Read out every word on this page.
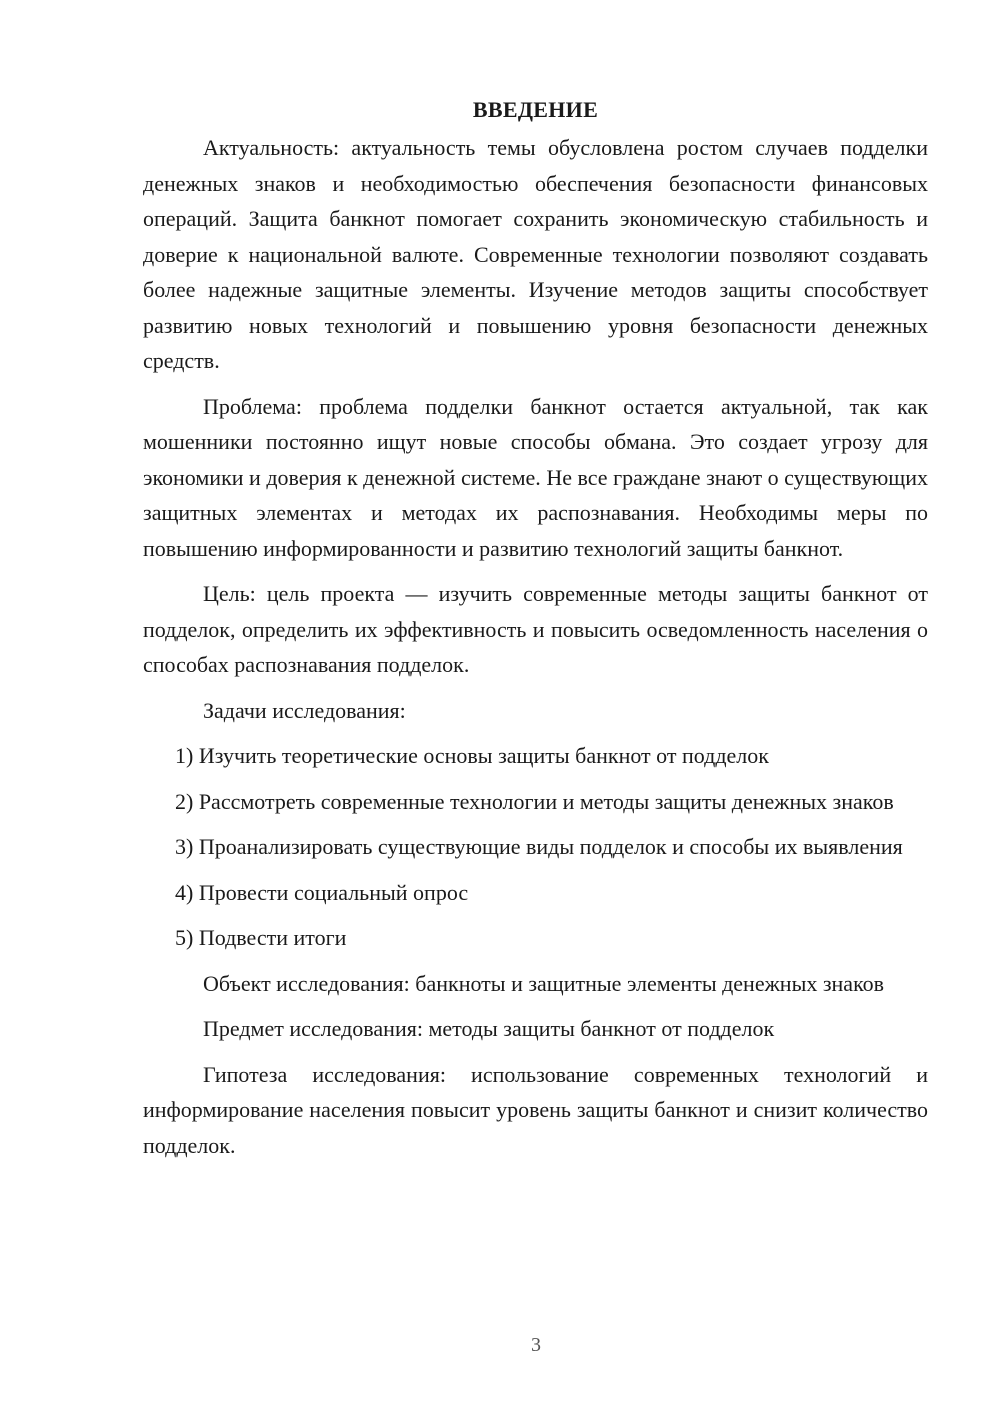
ВВЕДЕНИЕ

Актуальность: актуальность темы обусловлена ростом случаев подделки денежных знаков и необходимостью обеспечения безопасности финансовых операций. Защита банкнот помогает сохранить экономическую стабильность и доверие к национальной валюте. Современные технологии позволяют создавать более надежные защитные элементы. Изучение методов защиты способствует развитию новых технологий и повышению уровня безопасности денежных средств.

Проблема: проблема подделки банкнот остается актуальной, так как мошенники постоянно ищут новые способы обмана. Это создает угрозу для экономики и доверия к денежной системе. Не все граждане знают о существующих защитных элементах и методах их распознавания. Необходимы меры по повышению информированности и развитию технологий защиты банкнот.

Цель: цель проекта — изучить современные методы защиты банкнот от подделок, определить их эффективность и повысить осведомленность населения о способах распознавания подделок.

Задачи исследования:

1) Изучить теоретические основы защиты банкнот от подделок

2) Рассмотреть современные технологии и методы защиты денежных знаков

3) Проанализировать существующие виды подделок и способы их выявления

4) Провести социальный опрос

5) Подвести итоги

Объект исследования: банкноты и защитные элементы денежных знаков

Предмет исследования: методы защиты банкнот от подделок

Гипотеза исследования: использование современных технологий и информирование населения повысит уровень защиты банкнот и снизит количество подделок.

3
